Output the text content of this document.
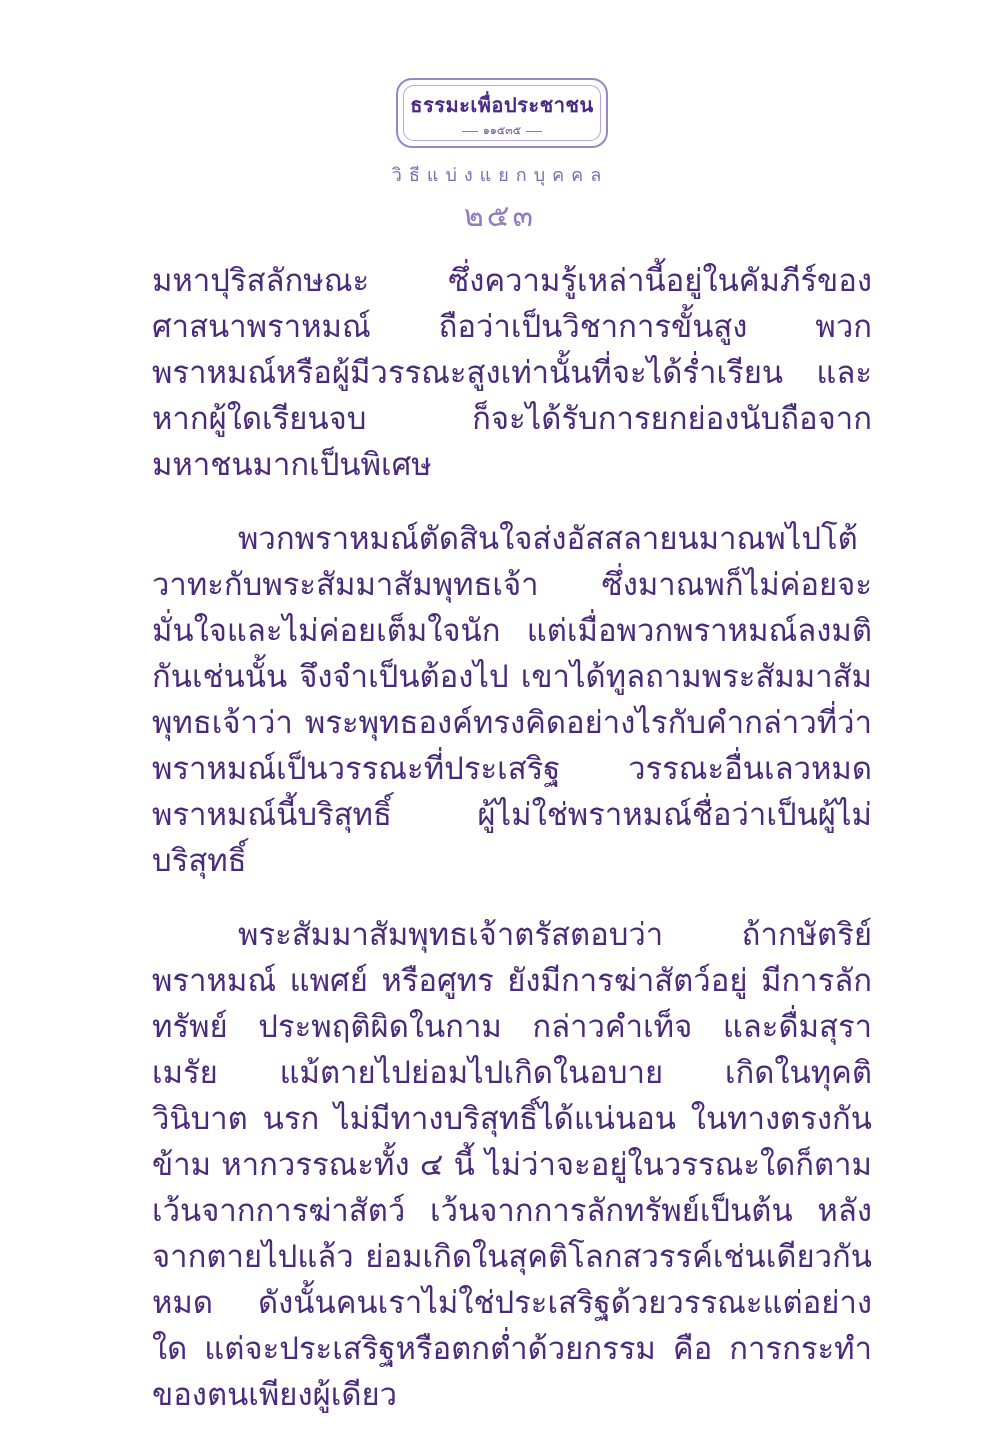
ธรรมะเพื่อประชาชน
๑๑๕๓๕
วิธีแบ่งแยกบุคคล
๒๕๓

มหาปุริสลักษณะ ซึ่งความรู้เหล่านี้อยู่ในคัมภีร์ของศาสนาพราหมณ์ ถือว่าเป็นวิชาการขั้นสูง พวกพราหมณ์หรือผู้มีวรรณะสูงเท่านั้นที่จะได้ร่ำเรียน และหากผู้ใดเรียนจบ ก็จะได้รับการยกย่องนับถือจากมหาชนมากเป็นพิเศษ

พวกพราหมณ์ตัดสินใจส่งอัสสลายนมาณพไปโต้วาทะกับพระสัมมาสัมพุทธเจ้า ซึ่งมาณพก็ไม่ค่อยจะมั่นใจและไม่ค่อยเต็มใจนัก แต่เมื่อพวกพราหมณ์ลงมติกันเช่นนั้น จึงจำเป็นต้องไป เขาได้ทูลถามพระสัมมาสัมพุทธเจ้าว่า พระพุทธองค์ทรงคิดอย่างไรกับคำกล่าวที่ว่า พราหมณ์เป็นวรรณะที่ประเสริฐ วรรณะอื่นเลวหมด พราหมณ์นี้บริสุทธิ์ ผู้ไม่ใช่พราหมณ์ชื่อว่าเป็นผู้ไม่บริสุทธิ์

พระสัมมาสัมพุทธเจ้าตรัสตอบว่า ถ้ากษัตริย์ พราหมณ์ แพศย์ หรือศูทร ยังมีการฆ่าสัตว์อยู่ มีการลักทรัพย์ ประพฤติผิดในกาม กล่าวคำเท็จ และดื่มสุราเมรัย แม้ตายไปย่อมไปเกิดในอบาย เกิดในทุคติ วินิบาต นรก ไม่มีทางบริสุทธิ์ได้แน่นอน ในทางตรงกันข้าม หากวรรณะทั้ง ๔ นี้ ไม่ว่าจะอยู่ในวรรณะใดก็ตาม เว้นจากการฆ่าสัตว์ เว้นจากการลักทรัพย์เป็นต้น หลังจากตายไปแล้ว ย่อมเกิดในสุคติโลกสวรรค์เช่นเดียวกันหมด ดังนั้นคนเราไม่ใช่ประเสริฐด้วยวรรณะแต่อย่างใด แต่จะประเสริฐหรือตกต่ำด้วยกรรม คือ การกระทำของตนเพียงผู้เดียว
